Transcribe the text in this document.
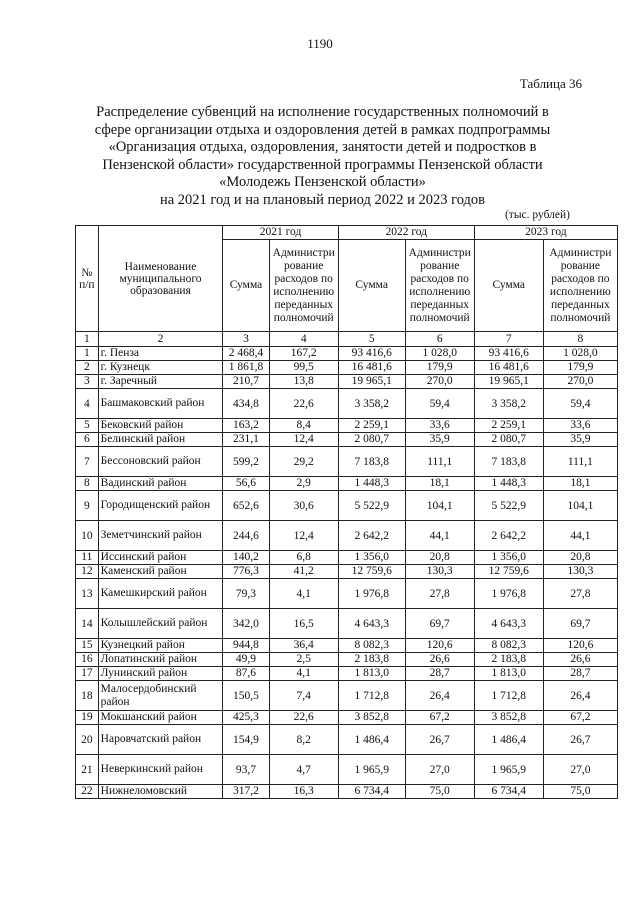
1190
Таблица 36
Распределение субвенций на исполнение государственных полномочий в
сфере организации отдыха и оздоровления детей в рамках подпрограммы
«Организация отдыха, оздоровления, занятости детей и подростков в
Пензенской области» государственной программы Пензенской области
«Молодежь Пензенской области»
на 2021 год и на плановый период 2022 и 2023 годов
(тыс. рублей)
№ п/п	Наименование муниципального образования	2021 год		2022 год		2023 год	
		Сумма	Администри рование расходов по исполнению переданных полномочий	Сумма	Администри рование расходов по исполнению переданных полномочий	Сумма	Администри рование расходов по исполнению переданных полномочий
1	2	3	4	5	6	7	8
1	г. Пенза	2 468,4	167,2	93 416,6	1 028,0	93 416,6	1 028,0
2	г. Кузнецк	1 861,8	99,5	16 481,6	179,9	16 481,6	179,9
3	г. Заречный	210,7	13,8	19 965,1	270,0	19 965,1	270,0
4	Башмаковский район	434,8	22,6	3 358,2	59,4	3 358,2	59,4
5	Бековский район	163,2	8,4	2 259,1	33,6	2 259,1	33,6
6	Белинский район	231,1	12,4	2 080,7	35,9	2 080,7	35,9
7	Бессоновский район	599,2	29,2	7 183,8	111,1	7 183,8	111,1
8	Вадинский район	56,6	2,9	1 448,3	18,1	1 448,3	18,1
9	Городищенский район	652,6	30,6	5 522,9	104,1	5 522,9	104,1
10	Земетчинский район	244,6	12,4	2 642,2	44,1	2 642,2	44,1
11	Иссинский район	140,2	6,8	1 356,0	20,8	1 356,0	20,8
12	Каменский район	776,3	41,2	12 759,6	130,3	12 759,6	130,3
13	Камешкирский район	79,3	4,1	1 976,8	27,8	1 976,8	27,8
14	Колышлейский район	342,0	16,5	4 643,3	69,7	4 643,3	69,7
15	Кузнецкий район	944,8	36,4	8 082,3	120,6	8 082,3	120,6
16	Лопатинский район	49,9	2,5	2 183,8	26,6	2 183,8	26,6
17	Лунинский район	87,6	4,1	1 813,0	28,7	1 813,0	28,7
18	Малосердобинский район	150,5	7,4	1 712,8	26,4	1 712,8	26,4
19	Мокшанский район	425,3	22,6	3 852,8	67,2	3 852,8	67,2
20	Наровчатский район	154,9	8,2	1 486,4	26,7	1 486,4	26,7
21	Неверкинский район	93,7	4,7	1 965,9	27,0	1 965,9	27,0
22	Нижнеломовский	317,2	16,3	6 734,4	75,0	6 734,4	75,0
